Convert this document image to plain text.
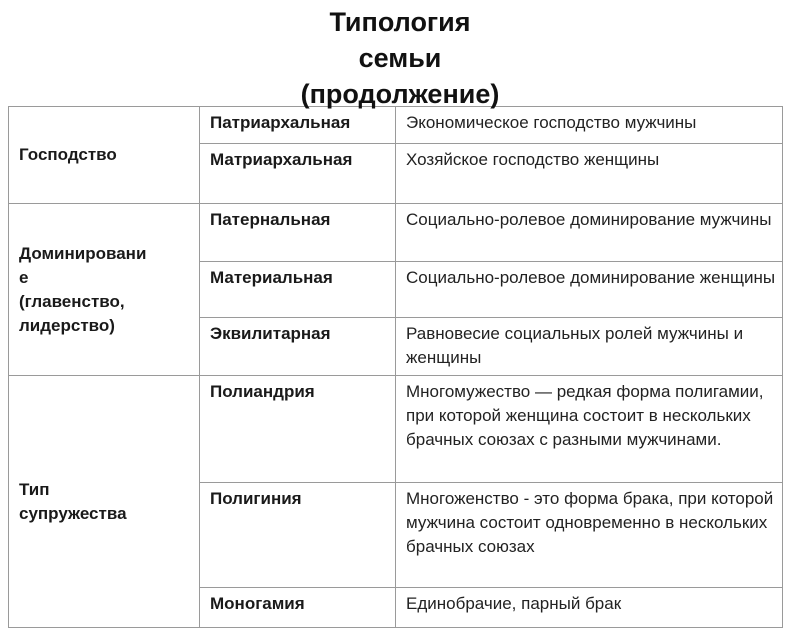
Типология
семьи
(продолжение)
Господство	Патриархальная	Экономическое господство мужчины
	Матриархальная	Хозяйское господство женщины

Доминировани
е
(главенство,
лидерство)	Патернальная	Социально-ролевое доминирование мужчины
	Материальная	Социально-ролевое доминирование женщины
	Эквилитарная	Равновесие социальных ролей мужчины и женщины

Тип
супружества	Полиандрия	Многомужество — редкая форма полигамии, при которой женщина состоит в нескольких брачных союзах с разными мужчинами.
	Полигиния	Многоженство - это форма брака, при которой мужчина состоит одновременно в нескольких брачных союзах
	Моногамия	Единобрачие, парный брак
